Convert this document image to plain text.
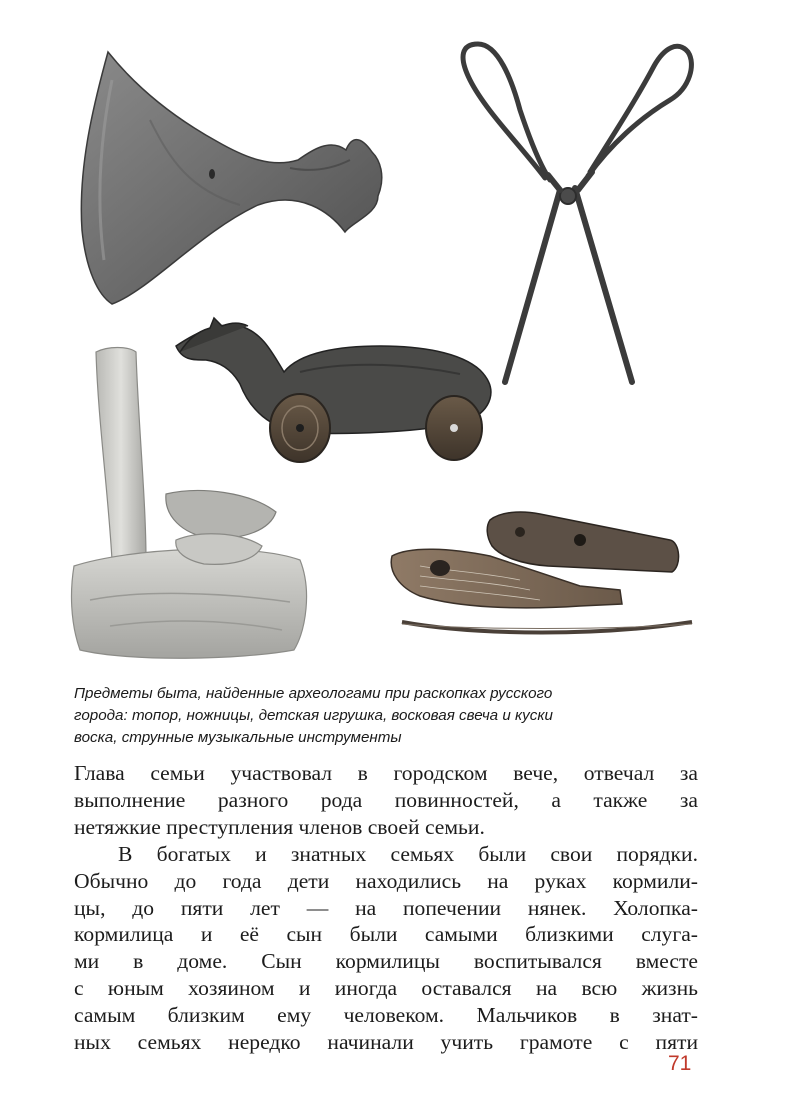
Предметы быта, найденные археологами при раскопках русского
города: топор, ножницы, детская игрушка, восковая свеча и куски
воска, струнные музыкальные инструменты
Глава семьи участвовал в городском вече, отвечал за
выполнение разного рода повинностей, а также за
нетяжкие преступления членов своей семьи.
В богатых и знатных семьях были свои порядки.
Обычно до года дети находились на руках кормили-
цы, до пяти лет — на попечении нянек. Холопка-
кормилица и её сын были самыми близкими слуга-
ми в доме. Сын кормилицы воспитывался вместе
с юным хозяином и иногда оставался на всю жизнь
самым близким ему человеком. Мальчиков в знат-
ных семьях нередко начинали учить грамоте с пяти
71
